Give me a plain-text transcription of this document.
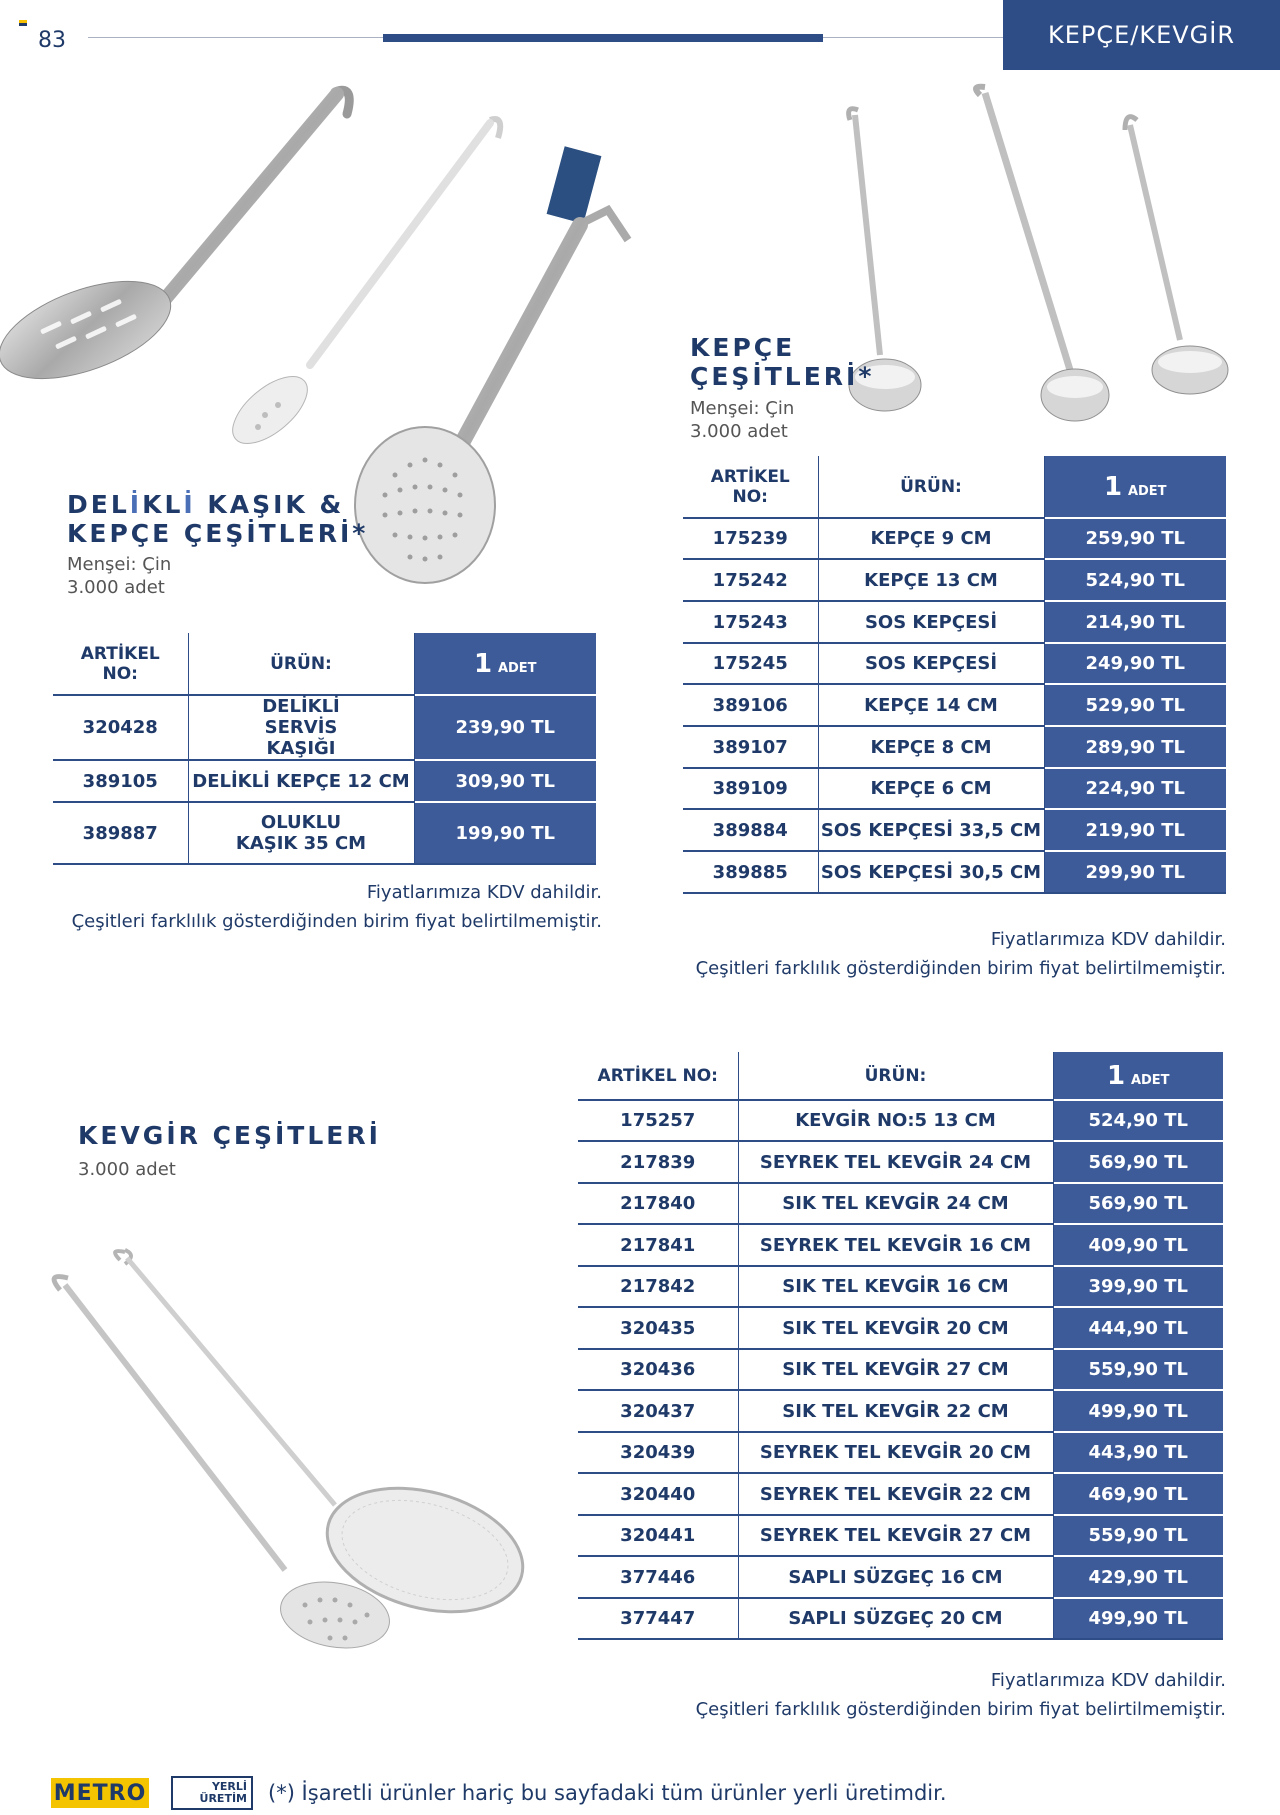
83	KEPÇE/KEVGİR
DELİKLİ KAŞIK &
KEPÇE ÇEŞİTLERİ*
Menşei: Çin
3.000 adet
ARTİKEL NO:	ÜRÜN:	1 ADET
320428	DELİKLİ SERVİS KAŞIĞI	239,90 TL
389105	DELİKLİ KEPÇE 12 CM	309,90 TL
389887	OLUKLU KAŞIK 35 CM	199,90 TL
Fiyatlarımıza KDV dahildir.
Çeşitleri farklılık gösterdiğinden birim fiyat belirtilmemiştir.
KEPÇE
ÇEŞİTLERİ*
Menşei: Çin
3.000 adet
ARTİKEL NO:	ÜRÜN:	1 ADET
175239	KEPÇE 9 CM	259,90 TL
175242	KEPÇE 13 CM	524,90 TL
175243	SOS KEPÇESİ	214,90 TL
175245	SOS KEPÇESİ	249,90 TL
389106	KEPÇE 14 CM	529,90 TL
389107	KEPÇE 8 CM	289,90 TL
389109	KEPÇE 6 CM	224,90 TL
389884	SOS KEPÇESİ 33,5 CM	219,90 TL
389885	SOS KEPÇESİ 30,5 CM	299,90 TL
Fiyatlarımıza KDV dahildir.
Çeşitleri farklılık gösterdiğinden birim fiyat belirtilmemiştir.
KEVGİR ÇEŞİTLERİ
3.000 adet
ARTİKEL NO:	ÜRÜN:	1 ADET
175257	KEVGİR NO:5 13 CM	524,90 TL
217839	SEYREK TEL KEVGİR 24 CM	569,90 TL
217840	SIK TEL KEVGİR 24 CM	569,90 TL
217841	SEYREK TEL KEVGİR 16 CM	409,90 TL
217842	SIK TEL KEVGİR 16 CM	399,90 TL
320435	SIK TEL KEVGİR 20 CM	444,90 TL
320436	SIK TEL KEVGİR 27 CM	559,90 TL
320437	SIK TEL KEVGİR 22 CM	499,90 TL
320439	SEYREK TEL KEVGİR 20 CM	443,90 TL
320440	SEYREK TEL KEVGİR 22 CM	469,90 TL
320441	SEYREK TEL KEVGİR 27 CM	559,90 TL
377446	SAPLI SÜZGEÇ 16 CM	429,90 TL
377447	SAPLI SÜZGEÇ 20 CM	499,90 TL
Fiyatlarımıza KDV dahildir.
Çeşitleri farklılık gösterdiğinden birim fiyat belirtilmemiştir.
METRO	YERLİ
ÜRETİM (*) İşaretli ürünler hariç bu sayfadaki tüm ürünler yerli üretimdir.
